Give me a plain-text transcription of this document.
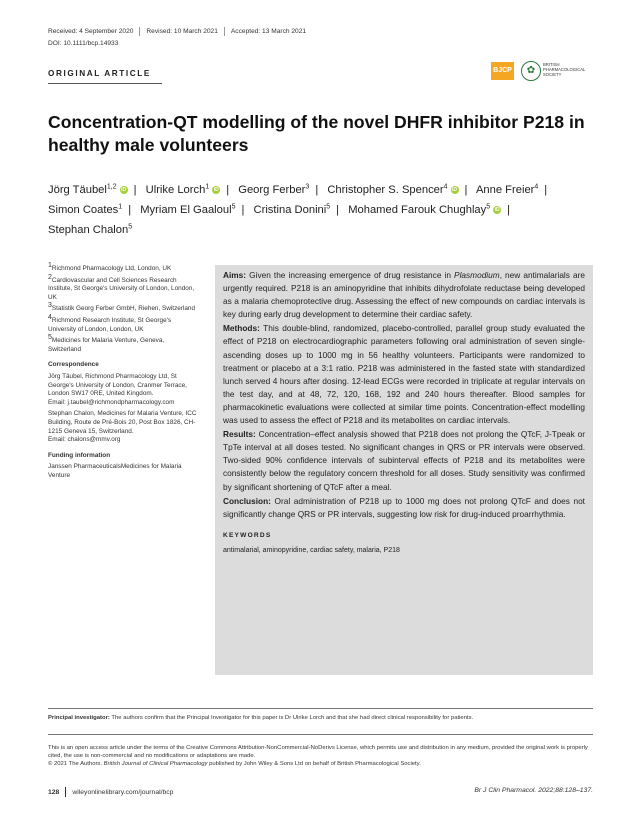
Received: 4 September 2020 Revised: 10 March 2021 Accepted: 13 March 2021
DOI: 10.1111/bcp.14933
ORIGINAL ARTICLE	BJCP	✿
BRITISH PHARMACOLOGICAL SOCIETY
Concentration-QT modelling of the novel DHFR inhibitor P218 in healthy male volunteers
Jörg Täubel$^{1,2}$ iD | Ulrike Lorch$^1$ iD | Georg Ferber$^3$ | Christopher S. Spencer$^4$ iD | Anne Freier$^4$ | Simon Coates$^1$ | Myriam El Gaaloul$^5$ | Cristina Donini$^5$ | Mohamed Farouk Chughlay$^5$ iD | Stephan Chalon$^5$

$^1$Richmond Pharmacology Ltd, London, UK

$^2$Cardiovascular and Cell Sciences Research Institute, St George's University of London, London, UK

$^3$Statistik Georg Ferber GmbH, Riehen, Switzerland

$^4$Richmond Research Institute, St George's University of London, London, UK

$^5$Medicines for Malaria Venture, Geneva, Switzerland

Correspondence

Jörg Täubel, Richmond Pharmacology Ltd, St George's University of London, Cranmer Terrace, London SW17 0RE, United Kingdom.
Email: j.taubel@richmondpharmacology.com

Stephan Chalon, Medicines for Malaria Venture, ICC Building, Route de Pré-Bois 20, Post Box 1826, CH-1215 Geneva 15, Switzerland.
Email: chalons@mmv.org

Funding information

Janssen PharmaceuticalsMedicines for Malaria Venture

Aims: Given the increasing emergence of drug resistance in Plasmodium, new antimalarials are urgently required. P218 is an aminopyridine that inhibits dihydrofolate reductase being developed as a malaria chemoprotective drug. Assessing the effect of new compounds on cardiac intervals is key during early drug development to determine their cardiac safety.

Methods: This double-blind, randomized, placebo-controlled, parallel group study evaluated the effect of P218 on electrocardiographic parameters following oral administration of seven single-ascending doses up to 1000 mg in 56 healthy volunteers. Participants were randomized to treatment or placebo at a 3:1 ratio. P218 was administered in the fasted state with standardized lunch served 4 hours after dosing. 12-lead ECGs were recorded in triplicate at regular intervals on the test day, and at 48, 72, 120, 168, 192 and 240 hours thereafter. Blood samples for pharmacokinetic evaluations were collected at similar time points. Concentration-effect modelling was used to assess the effect of P218 and its metabolites on cardiac intervals.

Results: Concentration–effect analysis showed that P218 does not prolong the QTcF, J-Tpeak or TpTe interval at all doses tested. No significant changes in QRS or PR intervals were observed. Two-sided 90% confidence intervals of subinterval effects of P218 and its metabolites were consistently below the regulatory concern threshold for all doses. Study sensitivity was confirmed by significant shortening of QTcF after a meal.

Conclusion: Oral administration of P218 up to 1000 mg does not prolong QTcF and does not significantly change QRS or PR intervals, suggesting low risk for drug-induced proarrhythmia.

KEYWORDS
antimalarial, aminopyridine, cardiac safety, malaria, P218
Principal investigator: The authors confirm that the Principal Investigator for this paper is Dr Ulrike Lorch and that she had direct clinical responsibility for patients.
This is an open access article under the terms of the Creative Commons Attribution-NonCommercial-NoDerivs License, which permits use and distribution in any medium, provided the original work is properly cited, the use is non-commercial and no modifications or adaptations are made.
© 2021 The Authors. British Journal of Clinical Pharmacology published by John Wiley & Sons Ltd on behalf of British Pharmacological Society.
128 wileyonlinelibrary.com/journal/bcp	Br J Clin Pharmacol. 2022;88:128–137.
